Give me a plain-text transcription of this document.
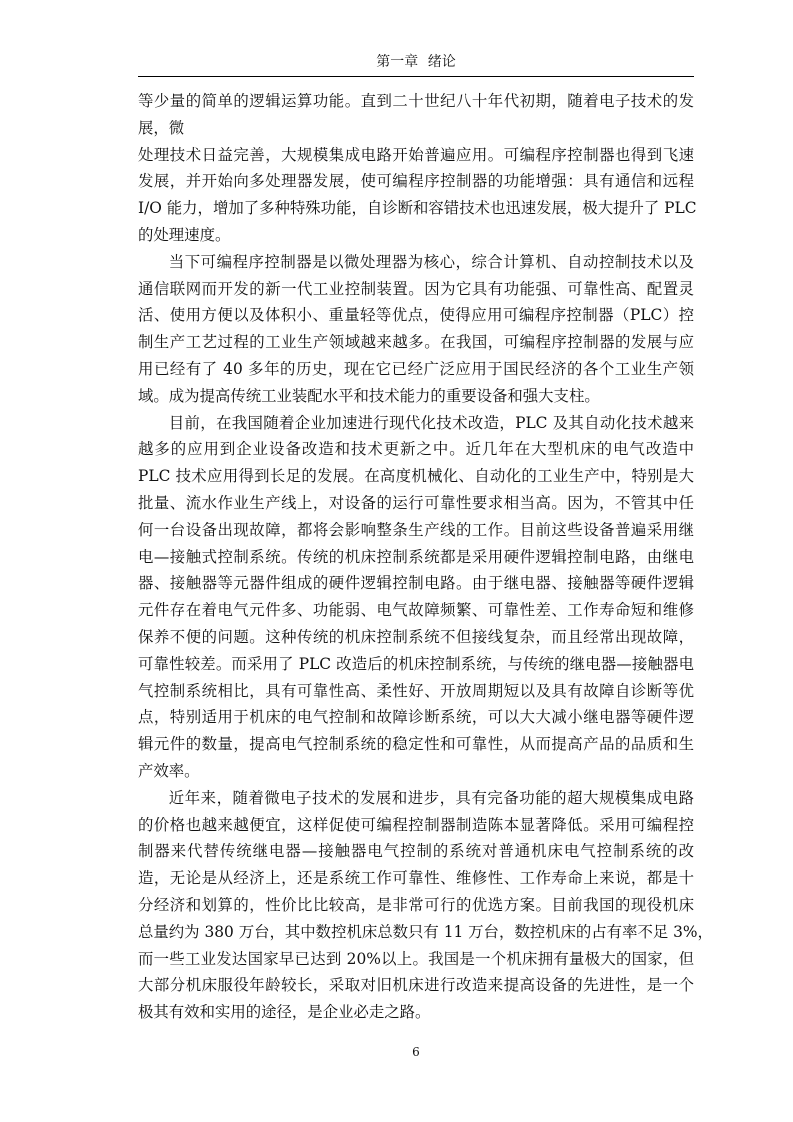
第一章 绪论
等少量的简单的逻辑运算功能。直到二十世纪八十年代初期，随着电子技术的发
展，微
处理技术日益完善，大规模集成电路开始普遍应用。可编程序控制器也得到飞速
发展，并开始向多处理器发展，使可编程序控制器的功能增强：具有通信和远程
I/O 能力，增加了多种特殊功能，自诊断和容错技术也迅速发展，极大提升了 PLC
的处理速度。
当下可编程序控制器是以微处理器为核心，综合计算机、自动控制技术以及
通信联网而开发的新一代工业控制装置。因为它具有功能强、可靠性高、配置灵
活、使用方便以及体积小、重量轻等优点，使得应用可编程序控制器（PLC）控
制生产工艺过程的工业生产领域越来越多。在我国，可编程序控制器的发展与应
用已经有了 40 多年的历史，现在它已经广泛应用于国民经济的各个工业生产领
域。成为提高传统工业装配水平和技术能力的重要设备和强大支柱。
目前，在我国随着企业加速进行现代化技术改造，PLC 及其自动化技术越来
越多的应用到企业设备改造和技术更新之中。近几年在大型机床的电气改造中
PLC 技术应用得到长足的发展。在高度机械化、自动化的工业生产中，特别是大
批量、流水作业生产线上，对设备的运行可靠性要求相当高。因为，不管其中任
何一台设备出现故障，都将会影响整条生产线的工作。目前这些设备普遍采用继
电—接触式控制系统。传统的机床控制系统都是采用硬件逻辑控制电路，由继电
器、接触器等元器件组成的硬件逻辑控制电路。由于继电器、接触器等硬件逻辑
元件存在着电气元件多、功能弱、电气故障频繁、可靠性差、工作寿命短和维修
保养不便的问题。这种传统的机床控制系统不但接线复杂，而且经常出现故障，
可靠性较差。而采用了 PLC 改造后的机床控制系统，与传统的继电器—接触器电
气控制系统相比，具有可靠性高、柔性好、开放周期短以及具有故障自诊断等优
点，特别适用于机床的电气控制和故障诊断系统，可以大大减小继电器等硬件逻
辑元件的数量，提高电气控制系统的稳定性和可靠性，从而提高产品的品质和生
产效率。
近年来，随着微电子技术的发展和进步，具有完备功能的超大规模集成电路
的价格也越来越便宜，这样促使可编程控制器制造陈本显著降低。采用可编程控
制器来代替传统继电器—接触器电气控制的系统对普通机床电气控制系统的改
造，无论是从经济上，还是系统工作可靠性、维修性、工作寿命上来说，都是十
分经济和划算的，性价比比较高，是非常可行的优选方案。目前我国的现役机床
总量约为 380 万台，其中数控机床总数只有 11 万台，数控机床的占有率不足 3%，
而一些工业发达国家早已达到 20%以上。我国是一个机床拥有量极大的国家，但
大部分机床服役年龄较长，采取对旧机床进行改造来提高设备的先进性，是一个
极其有效和实用的途径，是企业必走之路。
6
